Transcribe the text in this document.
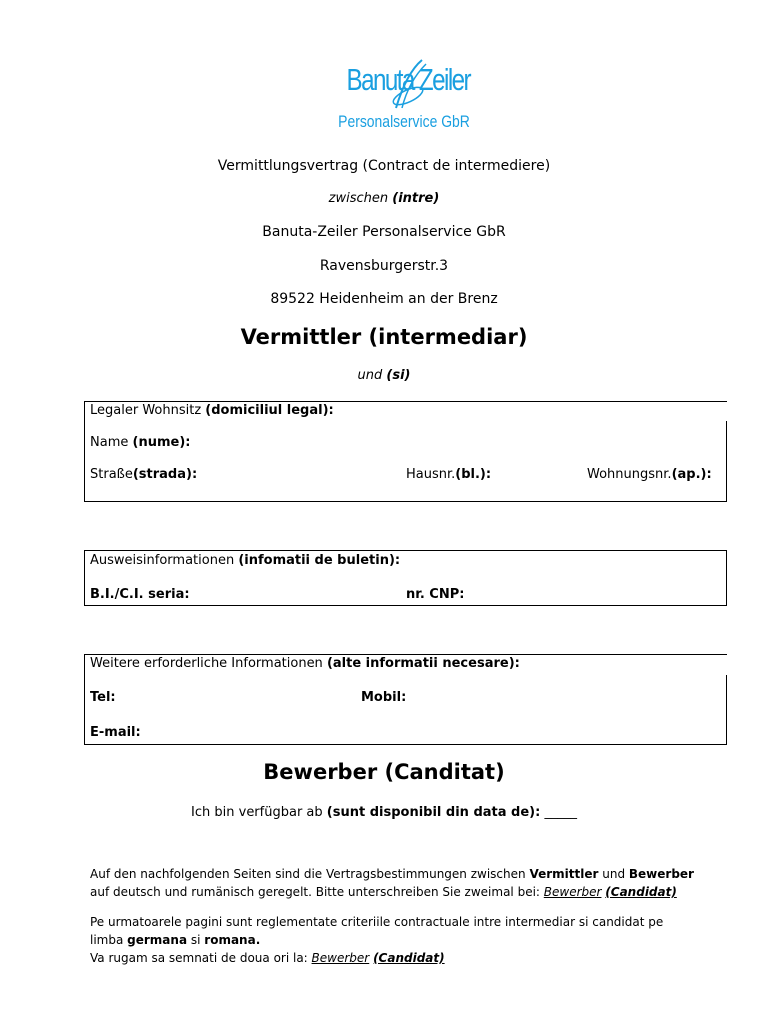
Banuta Zeiler
Personalservice GbR
Vermittlungsvertrag (Contract de intermediere)
zwischen (intre)
Banuta-Zeiler Personalservice GbR
Ravensburgerstr.3
89522 Heidenheim an der Brenz
Vermittler (intermediar)
und (si)
Legaler Wohnsitz (domiciliul legal):
Name (nume):
Straße(strada):	Hausnr.(bl.):	Wohnungsnr.(ap.):
Ausweisinformationen (infomatii de buletin):
B.I./C.I. seria:	nr. CNP:
Weitere erforderliche Informationen (alte informatii necesare):
Tel:	Mobil:
E-mail:
Bewerber (Canditat)
Ich bin verfügbar ab (sunt disponibil din data de): _____
Auf den nachfolgenden Seiten sind die Vertragsbestimmungen zwischen Vermittler und Bewerber
auf deutsch und rumänisch geregelt. Bitte unterschreiben Sie zweimal bei: Bewerber (Candidat)
Pe urmatoarele pagini sunt reglementate criteriile contractuale intre intermediar si candidat pe
limba germana si romana.
Va rugam sa semnati de doua ori la: Bewerber (Candidat)
